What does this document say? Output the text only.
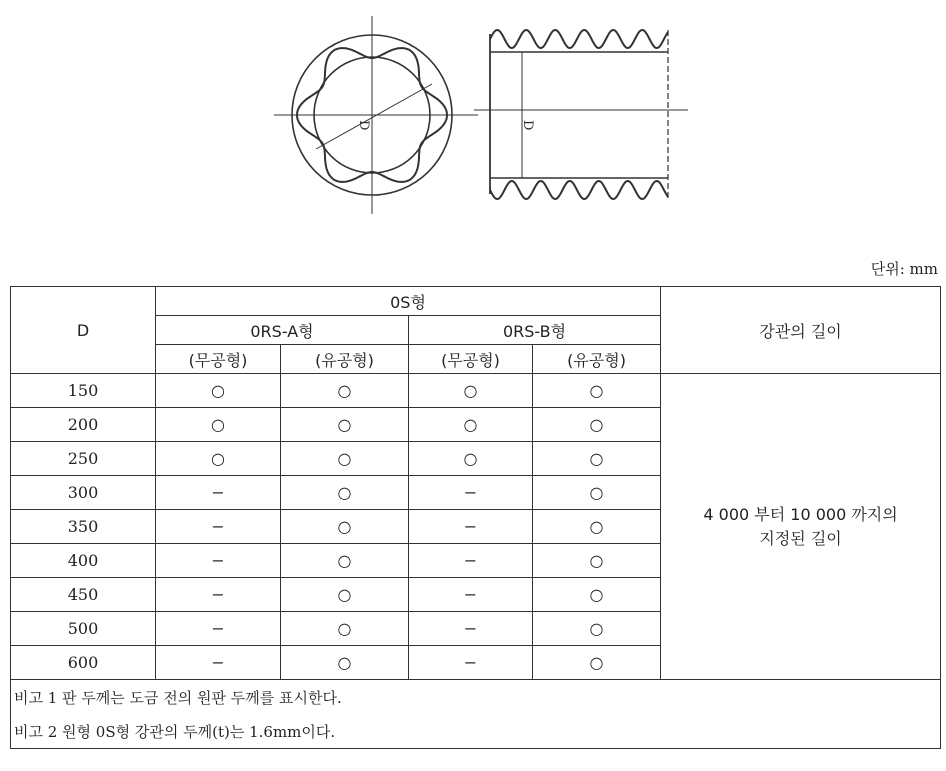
D	D
단위: mm
D	0S형				강관의 길이
	0RS-A형		0RS-B형		
	(무공형)	(유공형)	(무공형)	(유공형)	
150	○	○	○	○	4 000 부터 10 000 까지의
지정된 길이

200	○	○	○	○	
250	○	○	○	○	
300	−	○	−	○	
350	−	○	−	○	
400	−	○	−	○	
450	−	○	−	○	
500	−	○	−	○	
600	−	○	−	○	
비고 1 판 두께는 도금 전의 원판 두께를 표시한다.					
비고 2 원형 0S형 강관의 두께(t)는 1.6mm이다.					
